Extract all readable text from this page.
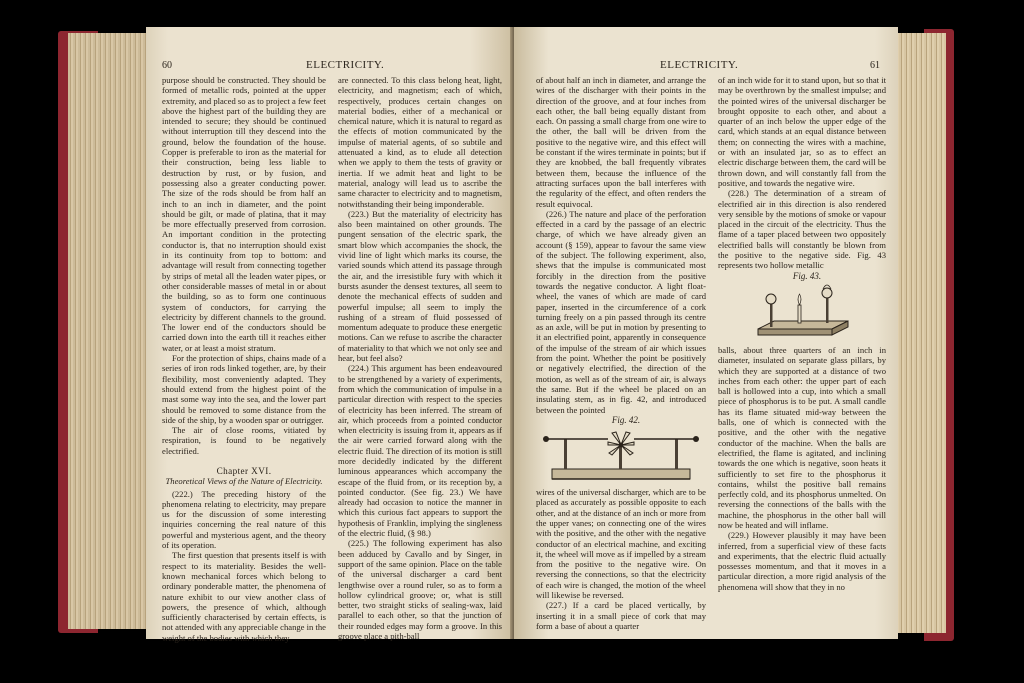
60	ELECTRICITY.

purpose should be constructed. They should be formed of metallic rods, pointed at the upper extremity, and placed so as to project a few feet above the highest part of the building they are intended to secure; they should be continued without interruption till they descend into the ground, below the foundation of the house. Copper is preferable to iron as the material for their construction, being less liable to destruction by rust, or by fusion, and possessing also a greater conducting power. The size of the rods should be from half an inch to an inch in diameter, and the point should be gilt, or made of platina, that it may be more effectually preserved from corrosion. An important condition in the protecting conductor is, that no interruption should exist in its continuity from top to bottom: and advantage will result from connecting together by strips of metal all the leaden water pipes, or other considerable masses of metal in or about the building, so as to form one continuous system of conductors, for carrying the electricity by different channels to the ground. The lower end of the conductors should be carried down into the earth till it reaches either water, or at least a moist stratum.

For the protection of ships, chains made of a series of iron rods linked together, are, by their flexibility, most conveniently adapted. They should extend from the highest point of the mast some way into the sea, and the lower part should be removed to some distance from the side of the ship, by a wooden spar or outrigger.

The air of close rooms, vitiated by respiration, is found to be negatively electrified.

Chapter XVI.

Theoretical Views of the Nature of Electricity.

(222.) The preceding history of the phenomena relating to electricity, may prepare us for the discussion of some interesting inquiries concerning the real nature of this powerful and mysterious agent, and the theory of its operation.

The first question that presents itself is with respect to its materiality. Besides the well-known mechanical forces which belong to ordinary ponderable matter, the phenomena of nature exhibit to our view another class of powers, the presence of which, although sufficiently characterised by certain effects, is not attended with any appreciable change in the weight of the bodies with which they

are connected. To this class belong heat, light, electricity, and magnetism; each of which, respectively, produces certain changes on material bodies, either of a mechanical or chemical nature, which it is natural to regard as the effects of motion communicated by the impulse of material agents, of so subtile and attenuated a kind, as to elude all detection when we apply to them the tests of gravity or inertia. If we admit heat and light to be material, analogy will lead us to ascribe the same character to electricity and to magnetism, notwithstanding their being imponderable.

(223.) But the materiality of electricity has also been maintained on other grounds. The pungent sensation of the electric spark, the smart blow which accompanies the shock, the vivid line of light which marks its course, the varied sounds which attend its passage through the air, and the irresistible fury with which it bursts asunder the densest textures, all seem to denote the mechanical effects of sudden and powerful impulse; all seem to imply the rushing of a stream of fluid possessed of momentum adequate to produce these energetic motions. Can we refuse to ascribe the character of materiality to that which we not only see and hear, but feel also?

(224.) This argument has been endeavoured to be strengthened by a variety of experiments, from which the communication of impulse in a particular direction with respect to the species of electricity has been inferred. The stream of air, which proceeds from a pointed conductor when electricity is issuing from it, appears as if the air were carried forward along with the electric fluid. The direction of its motion is still more decidedly indicated by the different luminous appearances which accompany the escape of the fluid from, or its reception by, a pointed conductor. (See fig. 23.) We have already had occasion to notice the manner in which this curious fact appears to support the hypothesis of Franklin, implying the singleness of the electric fluid, (§ 98.)

(225.) The following experiment has also been adduced by Cavallo and by Singer, in support of the same opinion. Place on the table of the universal discharger a card bent lengthwise over a round ruler, so as to form a hollow cylindrical groove; or, what is still better, two straight sticks of sealing-wax, laid parallel to each other, so that the junction of their rounded edges may form a groove. In this groove place a pith-ball

ELECTRICITY.	61

of about half an inch in diameter, and arrange the wires of the discharger with their points in the direction of the groove, and at four inches from each other, the ball being equally distant from each. On passing a small charge from one wire to the other, the ball will be driven from the positive to the negative wire, and this effect will be constant if the wires terminate in points; but if they are knobbed, the ball frequently vibrates between them, because the influence of the attracting surfaces upon the ball interferes with the regularity of the effect, and often renders the result equivocal.

(226.) The nature and place of the perforation effected in a card by the passage of an electric charge, of which we have already given an account (§ 159), appear to favour the same view of the subject. The following experiment, also, shews that the impulse is communicated most forcibly in the direction from the positive towards the negative conductor. A light float-wheel, the vanes of which are made of card paper, inserted in the circumference of a cork turning freely on a pin passed through its centre as an axle, will be put in motion by presenting to it an electrified point, apparently in consequence of the impulse of the stream of air which issues from the point. Whether the point be positively or negatively electrified, the direction of the motion, as well as of the stream of air, is always the same. But if the wheel be placed on an insulating stem, as in fig. 42, and introduced between the pointed

Fig. 42.

wires of the universal discharger, which are to be placed as accurately as possible opposite to each other, and at the distance of an inch or more from the upper vanes; on connecting one of the wires with the positive, and the other with the negative conductor of an electrical machine, and exciting it, the wheel will move as if impelled by a stream from the positive to the negative wire. On reversing the connections, so that the electricity of each wire is changed, the motion of the wheel will likewise be reversed.

(227.) If a card be placed vertically, by inserting it in a small piece of cork that may form a base of about a quarter

of an inch wide for it to stand upon, but so that it may be overthrown by the smallest impulse; and the pointed wires of the universal discharger be brought opposite to each other, and about a quarter of an inch below the upper edge of the card, which stands at an equal distance between them; on connecting the wires with a machine, or with an insulated jar, so as to effect an electric discharge between them, the card will be thrown down, and will constantly fall from the positive, and towards the negative wire.

(228.) The determination of a stream of electrified air in this direction is also rendered very sensible by the motions of smoke or vapour placed in the circuit of the electricity. Thus the flame of a taper placed between two oppositely electrified balls will constantly be blown from the positive to the negative side. Fig. 43 represents two hollow metallic

Fig. 43.

balls, about three quarters of an inch in diameter, insulated on separate glass pillars, by which they are supported at a distance of two inches from each other: the upper part of each ball is hollowed into a cup, into which a small piece of phosphorus is to be put. A small candle has its flame situated mid-way between the balls, one of which is connected with the positive, and the other with the negative conductor of the machine. When the balls are electrified, the flame is agitated, and inclining towards the one which is negative, soon heats it sufficiently to set fire to the phosphorus it contains, whilst the positive ball remains perfectly cold, and its phosphorus unmelted. On reversing the connections of the balls with the machine, the phosphorus in the other ball will now be heated and will inflame.

(229.) However plausibly it may have been inferred, from a superficial view of these facts and experiments, that the electric fluid actually possesses momentum, and that it moves in a particular direction, a more rigid analysis of the phenomena will show that they in no
